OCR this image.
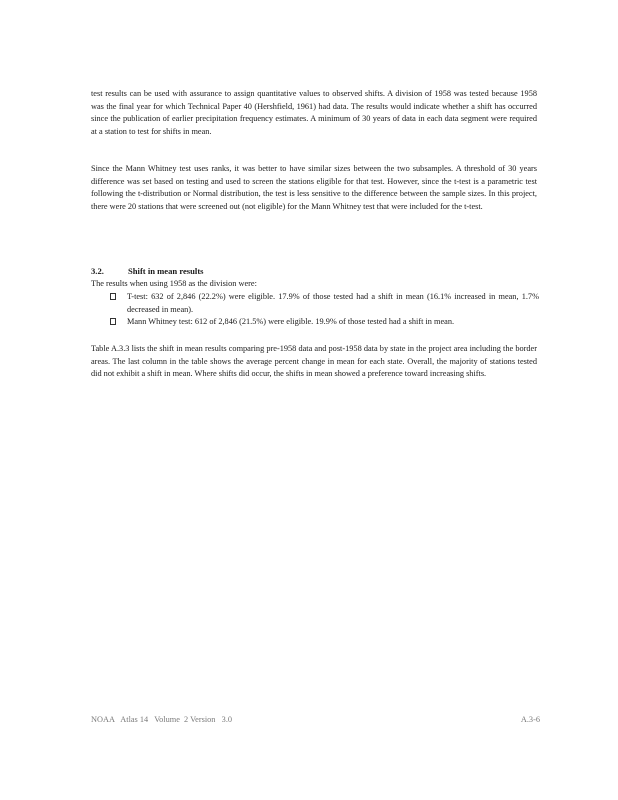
test results can be used with assurance to assign quantitative values to observed shifts. A division of 1958 was tested because 1958 was the final year for which Technical Paper 40 (Hershfield, 1961) had data. The results would indicate whether a shift has occurred since the publication of earlier precipitation frequency estimates. A minimum of 30 years of data in each data segment were required at a station to test for shifts in mean.

Since the Mann Whitney test uses ranks, it was better to have similar sizes between the two subsamples. A threshold of 30 years difference was set based on testing and used to screen the stations eligible for that test. However, since the t-test is a parametric test following the t-distribution or Normal distribution, the test is less sensitive to the difference between the sample sizes. In this project, there were 20 stations that were screened out (not eligible) for the Mann Whitney test that were included for the t-test.

3.2.	Shift in mean results

The results when using 1958 as the division were:

T-test: 632 of 2,846 (22.2%) were eligible. 17.9% of those tested had a shift in mean (16.1% increased in mean, 1.7% decreased in mean).
Mann Whitney test: 612 of 2,846 (21.5%) were eligible. 19.9% of those tested had a shift in mean.

Table A.3.3 lists the shift in mean results comparing pre-1958 data and post-1958 data by state in the project area including the border areas. The last column in the table shows the average percent change in mean for each state. Overall, the majority of stations tested did not exhibit a shift in mean. Where shifts did occur, the shifts in mean showed a preference toward increasing shifts.

NOAA   Atlas 14   Volume  2 Version   3.0	A.3-6
